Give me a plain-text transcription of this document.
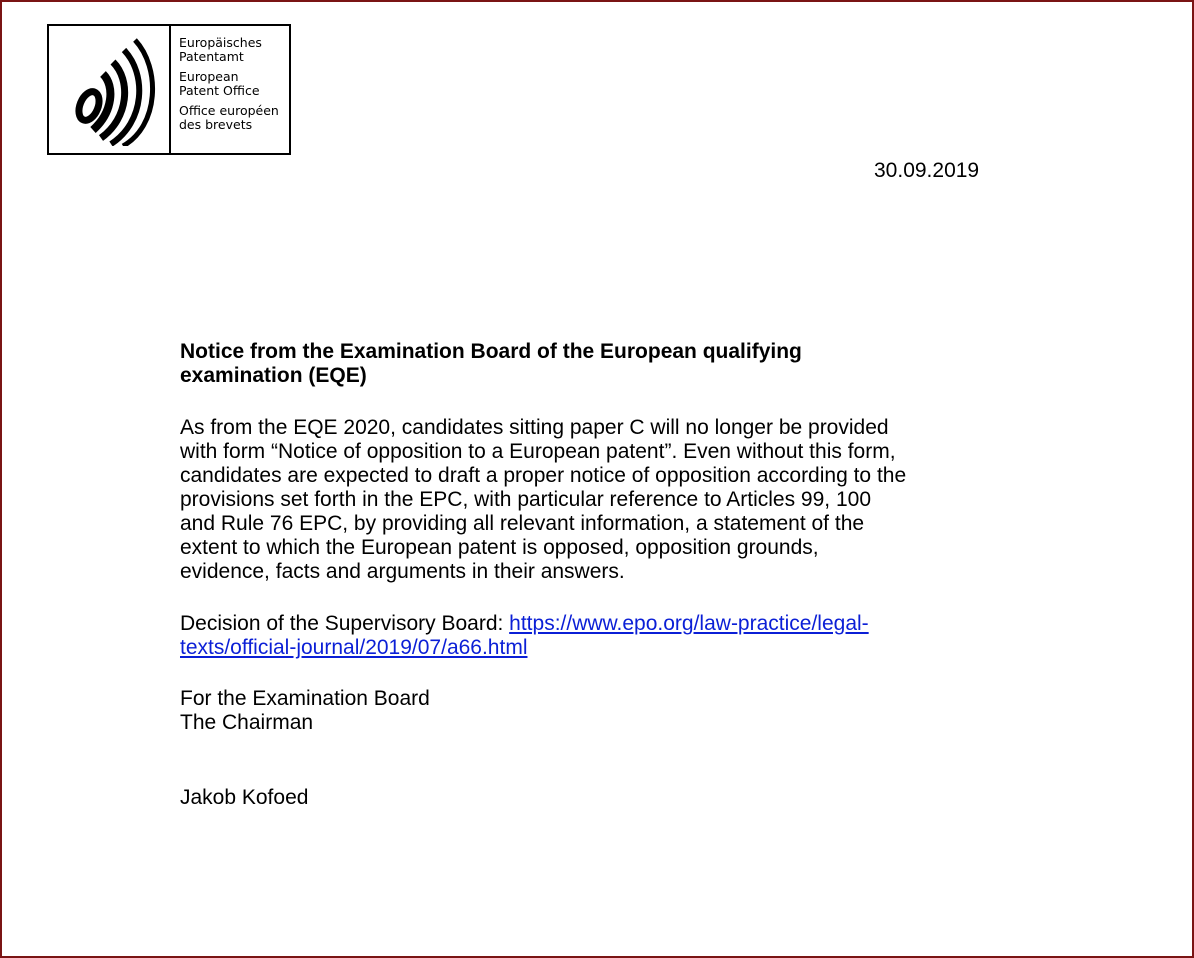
Europäisches
Patentamt
European
Patent Office
Office européen
des brevets
30.09.2019
Notice from the Examination Board of the European qualifying
examination (EQE)

As from the EQE 2020, candidates sitting paper C will no longer be provided
with form “Notice of opposition to a European patent”. Even without this form,
candidates are expected to draft a proper notice of opposition according to the
provisions set forth in the EPC, with particular reference to Articles 99, 100
and Rule 76 EPC, by providing all relevant information, a statement of the
extent to which the European patent is opposed, opposition grounds,
evidence, facts and arguments in their answers.

Decision of the Supervisory Board: https://www.epo.org/law-practice/legal-
texts/official-journal/2019/07/a66.html

For the Examination Board
The Chairman

Jakob Kofoed
